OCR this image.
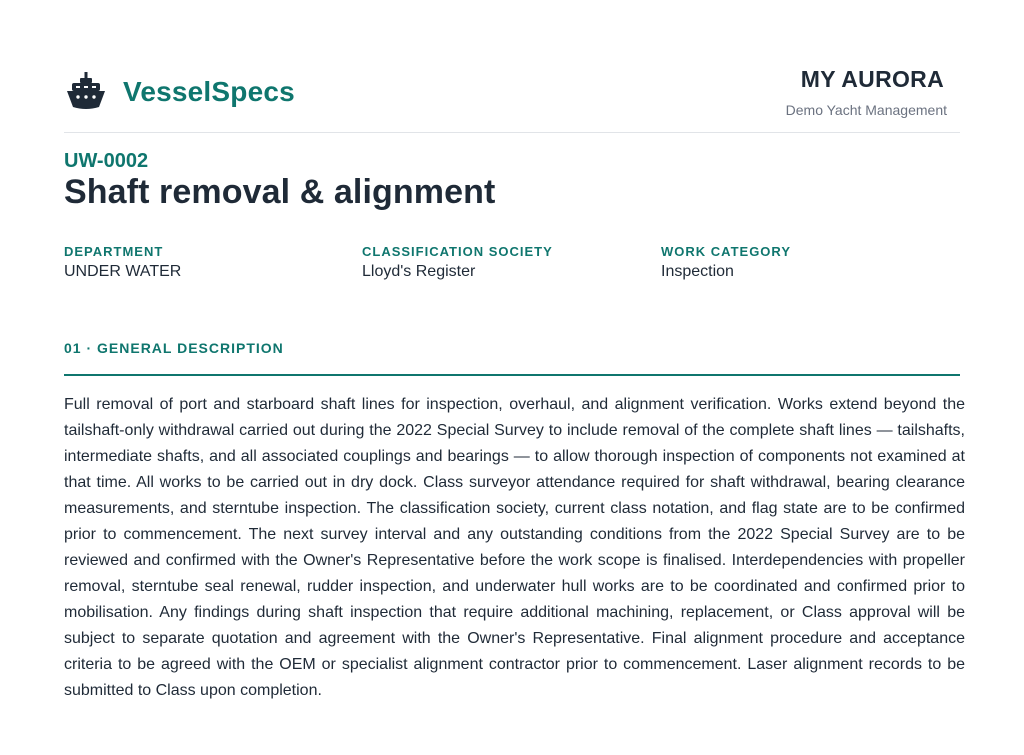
VesselSpecs	MY AURORA
Demo Yacht Management
UW-0002
Shaft removal & alignment
DEPARTMENT
UNDER WATER
CLASSIFICATION SOCIETY
Lloyd's Register
WORK CATEGORY
Inspection
01 · GENERAL DESCRIPTION

Full removal of port and starboard shaft lines for inspection, overhaul, and alignment verification. Works extend beyond the tailshaft-only withdrawal carried out during the 2022 Special Survey to include removal of the complete shaft lines — tailshafts, intermediate shafts, and all associated couplings and bearings — to allow thorough inspection of components not examined at that time. All works to be carried out in dry dock. Class surveyor attendance required for shaft withdrawal, bearing clearance measurements, and sterntube inspection. The classification society, current class notation, and flag state are to be confirmed prior to commencement. The next survey interval and any outstanding conditions from the 2022 Special Survey are to be reviewed and confirmed with the Owner's Representative before the work scope is finalised. Interdependencies with propeller removal, sterntube seal renewal, rudder inspection, and underwater hull works are to be coordinated and confirmed prior to mobilisation. Any findings during shaft inspection that require additional machining, replacement, or Class approval will be subject to separate quotation and agreement with the Owner's Representative. Final alignment procedure and acceptance criteria to be agreed with the OEM or specialist alignment contractor prior to commencement. Laser alignment records to be submitted to Class upon completion.
